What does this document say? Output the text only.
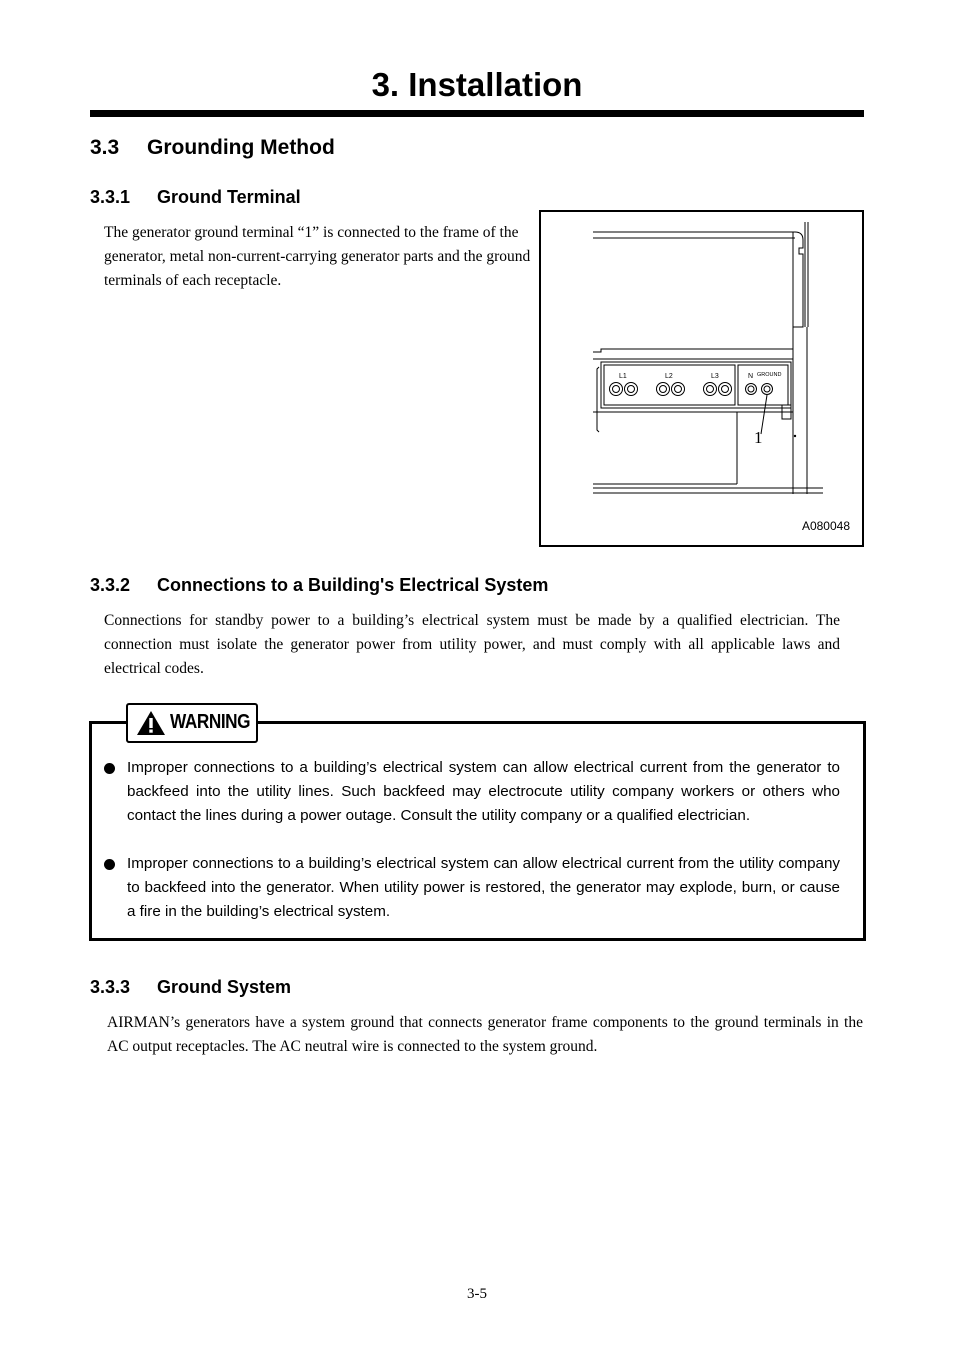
3. Installation
3.3 Grounding Method
3.3.1 Ground Terminal
The generator ground terminal “1” is connected to the frame of the generator, metal non-current-carrying generator parts and the ground terminals of each receptacle.
L1	L2	L3	N GROUND
1
A080048
3.3.2 Connections to a Building's Electrical System
Connections for standby power to a building’s electrical system must be made by a qualified electrician. The connection must isolate the generator power from utility power, and must comply with all applicable laws and electrical codes.
WARNING
Improper connections to a building’s electrical system can allow electrical current from the generator to backfeed into the utility lines. Such backfeed may electrocute utility company workers or others who contact the lines during a power outage. Consult the utility company or a qualified electrician.
Improper connections to a building’s electrical system can allow electrical current from the utility company to backfeed into the generator. When utility power is restored, the generator may explode, burn, or cause a fire in the building’s electrical system.
3.3.3 Ground System
AIRMAN’s generators have a system ground that connects generator frame components to the ground terminals in the AC output receptacles. The AC neutral wire is connected to the system ground.
3-5
